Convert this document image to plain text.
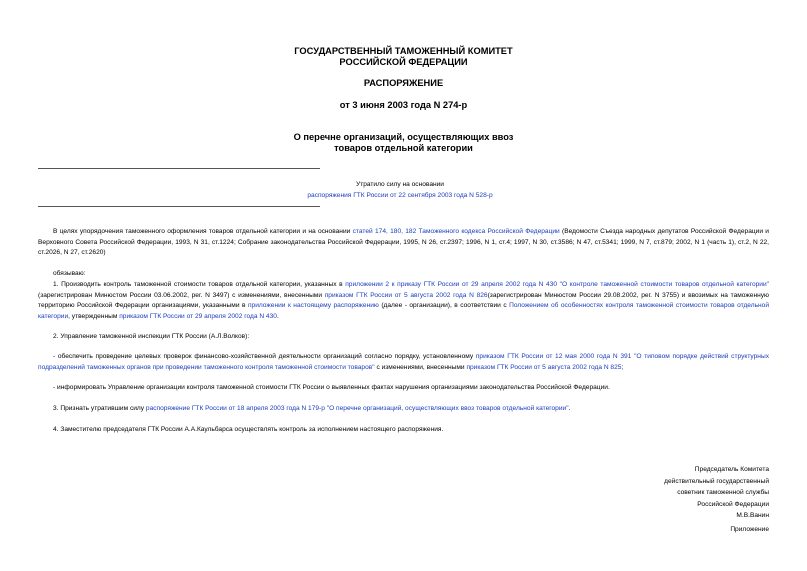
ГОСУДАРСТВЕННЫЙ ТАМОЖЕННЫЙ КОМИТЕТ
РОССИЙСКОЙ ФЕДЕРАЦИИ
РАСПОРЯЖЕНИЕ
от 3 июня 2003 года N 274-р
О перечне организаций, осуществляющих ввоз
товаров отдельной категории
Утратило силу на основании
распоряжения ГТК России от 22 сентября 2003 года N 528-р
В целях упорядочения таможенного оформления товаров отдельной категории и на основании статей 174, 180, 182 Таможенного кодекса Российской Федерации (Ведомости Съезда народных депутатов Российской Федерации и Верховного Совета Российской Федерации, 1993, N 31, ст.1224; Собрание законодательства Российской Федерации, 1995, N 26, ст.2397; 1996, N 1, ст.4; 1997, N 30, ст.3586; N 47, ст.5341; 1999, N 7, ст.879; 2002, N 1 (часть 1), ст.2, N 22, ст.2026, N 27, ст.2620)
обязываю:
1. Производить контроль таможенной стоимости товаров отдельной категории, указанных в приложении 2 к приказу ГТК России от 29 апреля 2002 года N 430 "О контроле таможенной стоимости товаров отдельной категории" (зарегистрирован Минюстом России 03.06.2002, рег. N 3497) с изменениями, внесенными приказом ГТК России от 5 августа 2002 года N 826(зарегистрирован Минюстом России 29.08.2002, рег. N 3755) и ввозимых на таможенную территорию Российской Федерации организациями, указанными в приложении к настоящему распоряжению (далее - организации), в соответствии с Положением об особенностях контроля таможенной стоимости товаров отдельной категории, утвержденным приказом ГТК России от 29 апреля 2002 года N 430.
2. Управление таможенной инспекции ГТК России (А.Л.Волков):
- обеспечить проведение целевых проверок финансово-хозяйственной деятельности организаций согласно порядку, установленному приказом ГТК России от 12 мая 2000 года N 391 "О типовом порядке действий структурных подразделений таможенных органов при проведении таможенного контроля таможенной стоимости товаров" с изменениями, внесенными приказом ГТК России от 5 августа 2002 года N 825;
- информировать Управление организации контроля таможенной стоимости ГТК России о выявленных фактах нарушения организациями законодательства Российской Федерации.
3. Признать утратившим силу распоряжение ГТК России от 18 апреля 2003 года N 179-р "О перечне организаций, осуществляющих ввоз товаров отдельной категории".
4. Заместителю председателя ГТК России А.А.Каульбарса осуществлять контроль за исполнением настоящего распоряжения.
Председатель Комитета
действительный государственный
советник таможенной службы
Российской Федерации
М.В.Ванин
Приложение
